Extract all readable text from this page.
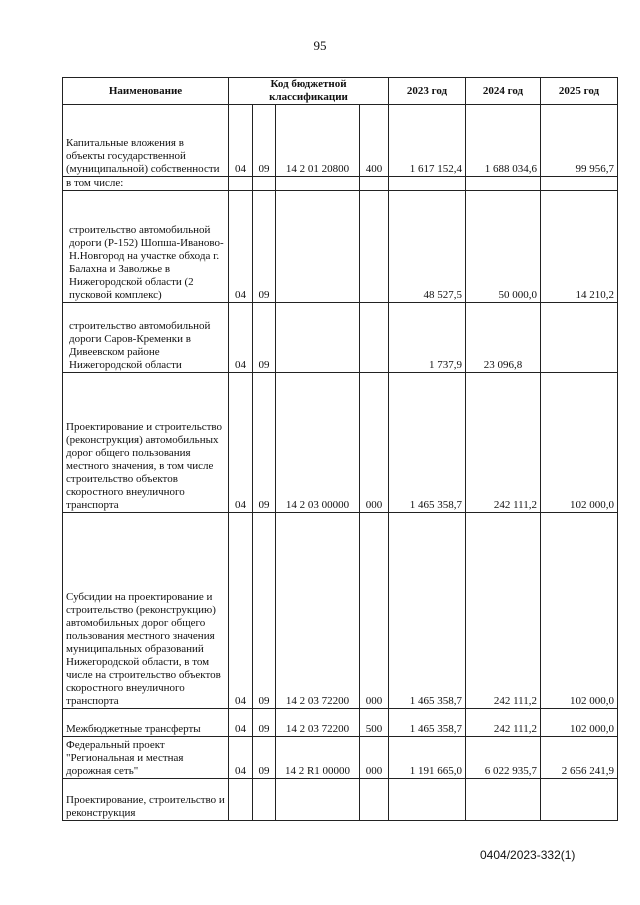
95
Наименование	Код бюджетной классификации				2023 год	2024 год	2025 год
Капитальные вложения в объекты государственной (муниципальной) собственности	04	09	14 2 01 20800	400	1 617 152,4	1 688 034,6	99 956,7
в том числе:							
строительство автомобильной дороги (Р-152) Шопша-Иваново-Н.Новгород на участке обхода г. Балахна и Заволжье в Нижегородской области (2 пусковой комплекс)	04	09			48 527,5	50 000,0	14 210,2
строительство автомобильной дороги Саров-Кременки в Дивеевском районе Нижегородской области	04	09			1 737,9	23 096,8	
Проектирование и строительство (реконструкция) автомобильных дорог общего пользования местного значения, в том числе строительство объектов скоростного внеуличного транспорта	04	09	14 2 03 00000	000	1 465 358,7	242 111,2	102 000,0
Субсидии на проектирование и строительство (реконструкцию) автомобильных дорог общего пользования местного значения муниципальных образований Нижегородской области, в том числе на строительство объектов скоростного внеуличного транспорта	04	09	14 2 03 72200	000	1 465 358,7	242 111,2	102 000,0
Межбюджетные трансферты	04	09	14 2 03 72200	500	1 465 358,7	242 111,2	102 000,0
Федеральный проект "Региональная и местная дорожная сеть"	04	09	14 2 R1 00000	000	1 191 665,0	6 022 935,7	2 656 241,9
Проектирование, строительство и реконструкция							
0404/2023-332(1)
